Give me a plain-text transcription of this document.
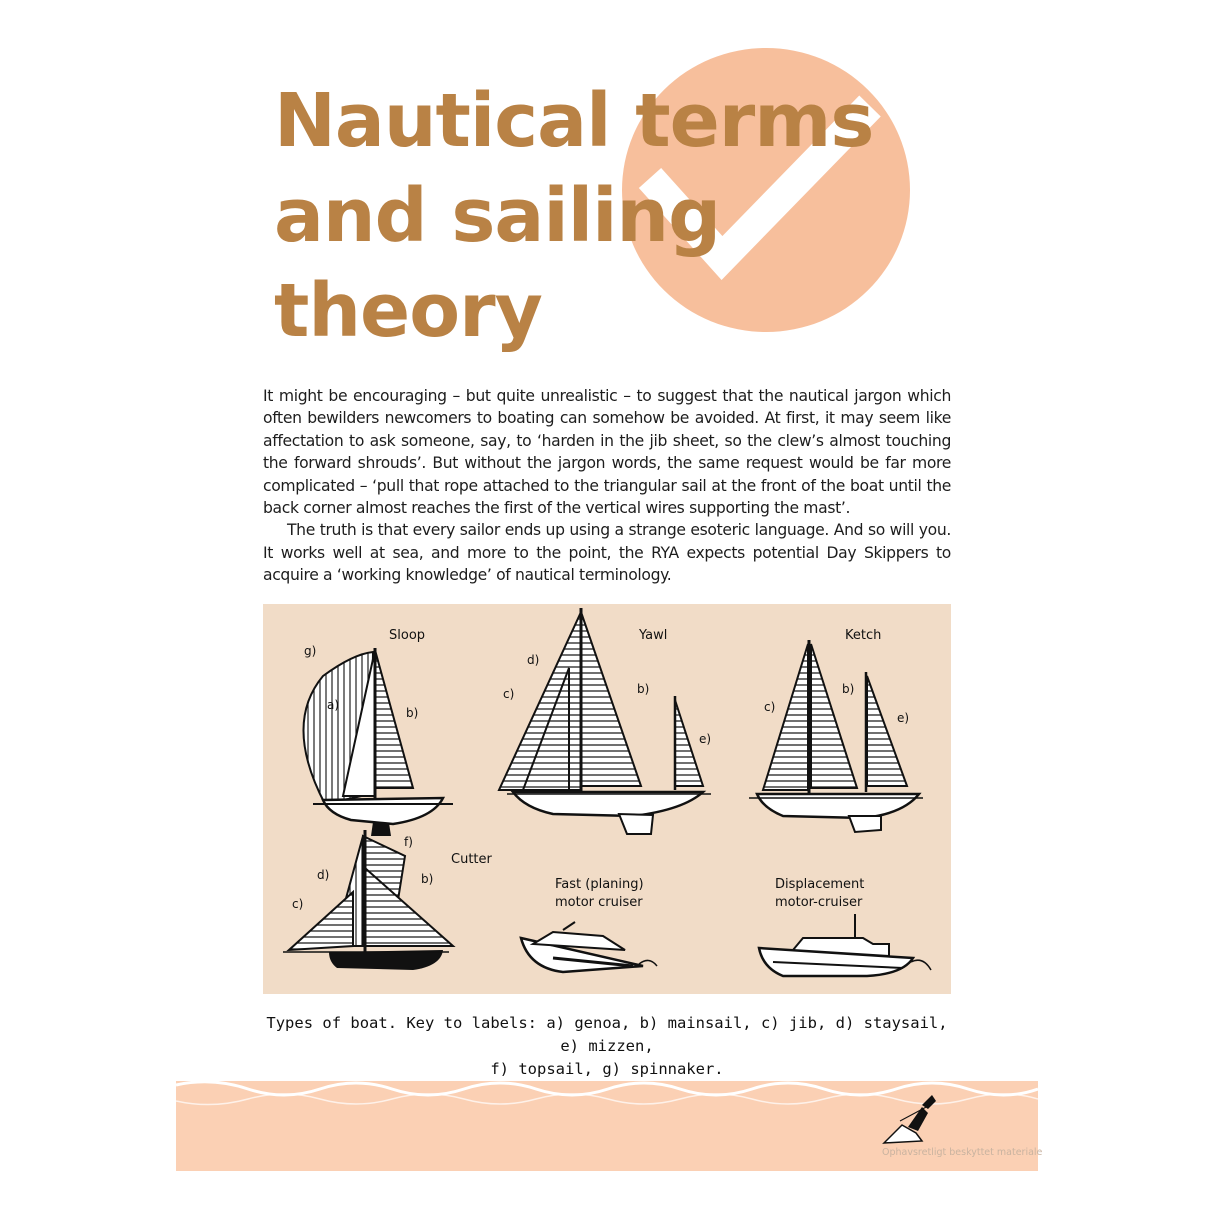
Nautical terms
and sailing
theory

It might be encouraging – but quite unrealistic – to suggest that the nautical jargon which often bewilders newcomers to boating can somehow be avoided. At first, it may seem like affectation to ask someone, say, to ‘harden in the jib sheet, so the clew’s almost touching the forward shrouds’. But without the jargon words, the same request would be far more complicated – ‘pull that rope attached to the triangular sail at the front of the boat until the back corner almost reaches the first of the vertical wires supporting the mast’.

The truth is that every sailor ends up using a strange esoteric language. And so will you. It works well at sea, and more to the point, the RYA expects potential Day Skippers to acquire a ‘working knowledge’ of nautical terminology.

Sloop	Yawl	Ketch
Cutter
Fast (planing)
motor cruiser
Displacement
motor-cruiser
g)
a)
b)
d)
c)	b)
e)
c)
b)
e)
f)
b)
d)
c)
Types of boat. Key to labels: a) genoa, b) mainsail, c) jib, d) staysail, e) mizzen,
f) topsail, g) spinnaker.
Ophavsretligt beskyttet materiale
